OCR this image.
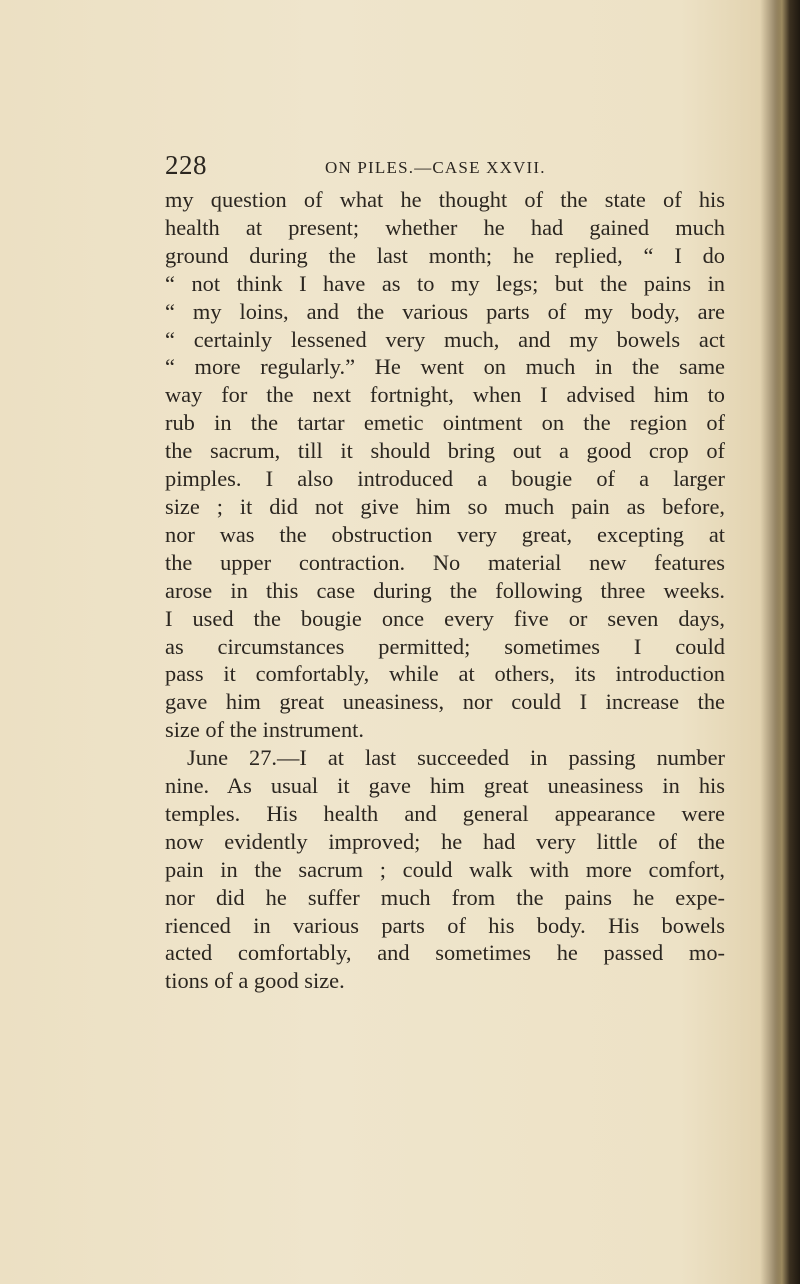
228	ON PILES.—CASE XXVII.
my question of what he thought of the state of his
health at present; whether he had gained much
ground during the last month; he replied, “ I do
“ not think I have as to my legs; but the pains in
“ my loins, and the various parts of my body, are
“ certainly lessened very much, and my bowels act
“ more regularly.” He went on much in the same
way for the next fortnight, when I advised him to
rub in the tartar emetic ointment on the region of
the sacrum, till it should bring out a good crop of
pimples. I also introduced a bougie of a larger
size ; it did not give him so much pain as before,
nor was the obstruction very great, excepting at
the upper contraction. No material new features
arose in this case during the following three weeks.
I used the bougie once every five or seven days,
as circumstances permitted; sometimes I could
pass it comfortably, while at others, its introduction
gave him great uneasiness, nor could I increase the
size of the instrument.
June 27.—I at last succeeded in passing number
nine. As usual it gave him great uneasiness in his
temples. His health and general appearance were
now evidently improved; he had very little of the
pain in the sacrum ; could walk with more comfort,
nor did he suffer much from the pains he expe-
rienced in various parts of his body. His bowels
acted comfortably, and sometimes he passed mo-
tions of a good size.
